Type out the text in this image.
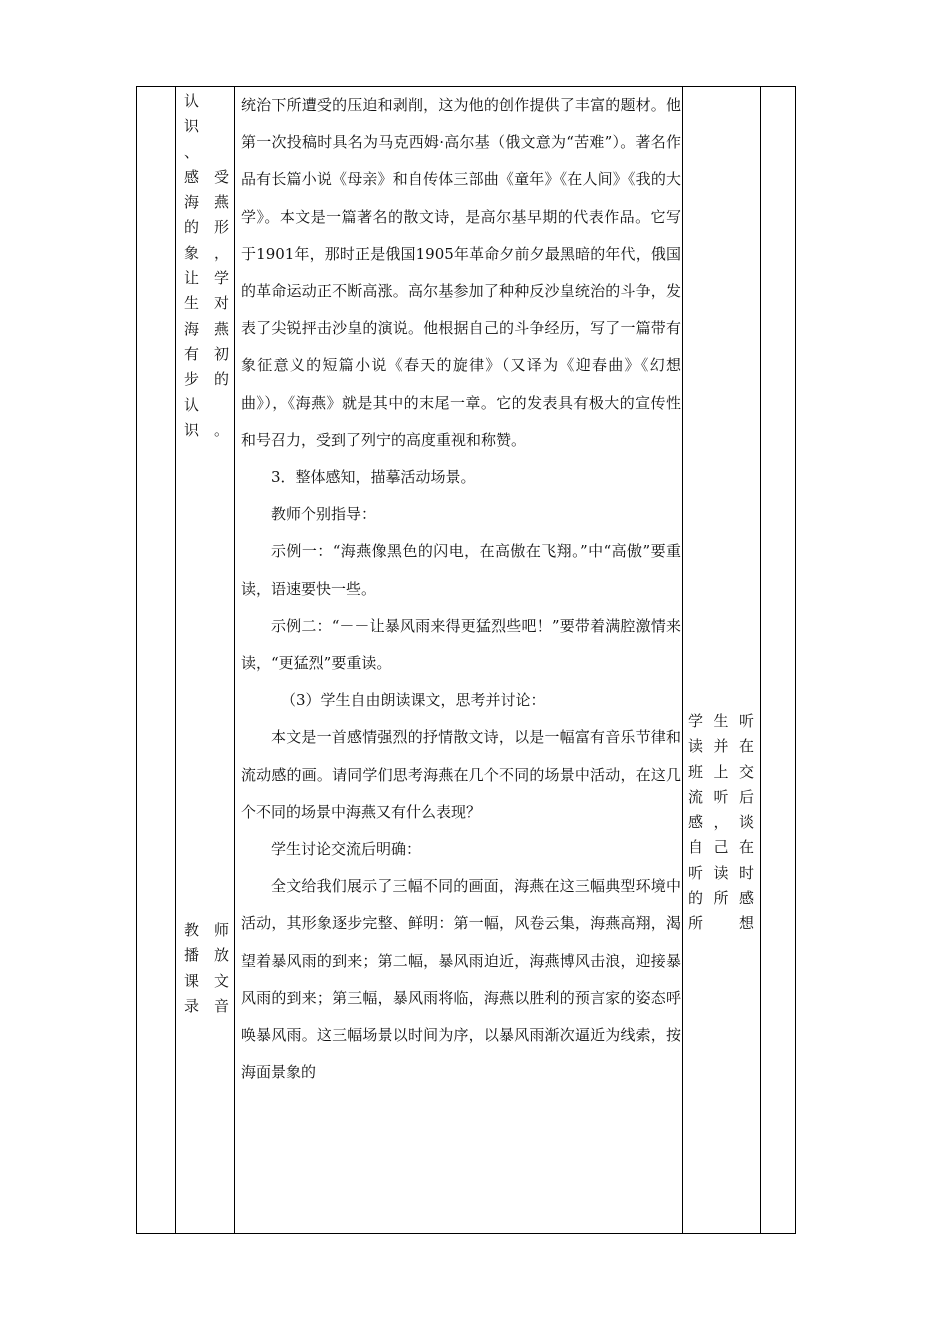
认
识
、
感 受
海 燕
的 形
象 ，
让 学
生 对
海 燕
有 初
步 的
认
识 。
教 师
播 放
课 文
录 音

统治下所遭受的压迫和剥削，这为他的创作提供了丰富的题材。他第一次投稿时具名为马克西姆·高尔基（俄文意为“苦难”）。著名作品有长篇小说《母亲》和自传体三部曲《童年》《在人间》《我的大学》。本文是一篇著名的散文诗，是高尔基早期的代表作品。它写于1901年，那时正是俄国1905年革命夕前夕最黑暗的年代，俄国的革命运动正不断高涨。高尔基参加了种种反沙皇统治的斗争，发表了尖锐抨击沙皇的演说。他根据自己的斗争经历，写了一篇带有象征意义的短篇小说《春天的旋律》（又译为《迎春曲》《幻想曲》），《海燕》就是其中的末尾一章。它的发表具有极大的宣传性和号召力，受到了列宁的高度重视和称赞。

3．整体感知，描摹活动场景。

教师个别指导：

示例一：“海燕像黑色的闪电，在高傲在飞翔。”中“高傲”要重读，语速要快一些。

示例二：“－－让暴风雨来得更猛烈些吧！”要带着满腔激情来读，“更猛烈”要重读。

（3）学生自由朗读课文，思考并讨论：

本文是一首感情强烈的抒情散文诗，以是一幅富有音乐节律和流动感的画。请同学们思考海燕在几个不同的场景中活动，在这几个不同的场景中海燕又有什么表现？

学生讨论交流后明确：

全文给我们展示了三幅不同的画面，海燕在这三幅典型环境中活动，其形象逐步完整、鲜明：第一幅，风卷云集，海燕高翔，渴望着暴风雨的到来；第二幅，暴风雨迫近，海燕博风击浪，迎接暴风雨的到来；第三幅，暴风雨将临，海燕以胜利的预言家的姿态呼唤暴风雨。这三幅场景以时间为序，以暴风雨渐次逼近为线索，按海面景象的

学 生 听
读 并 在
班 上 交
流 听 后
感 ， 谈
自 己 在
听 读 时
的 所 感
所 想
